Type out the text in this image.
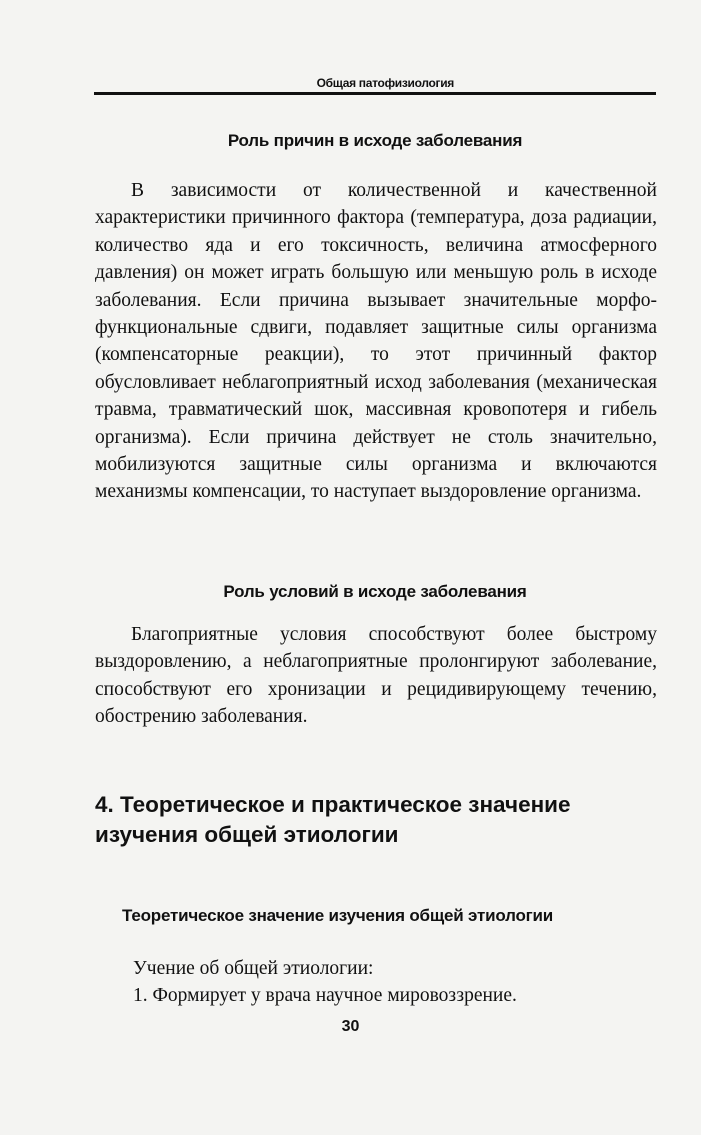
Общая патофизиология
Роль причин в исходе заболевания

В зависимости от количественной и качественной характеристики причинного фактора (температура, доза радиации, количество яда и его токсичность, величина атмосферного давления) он может играть большую или меньшую роль в исходе заболевания. Если причина вызывает значительные морфо-функциональные сдвиги, подавляет защитные силы организма (компенсаторные реакции), то этот причинный фактор обусловливает неблагоприятный исход заболевания (механическая травма, травматический шок, массивная кровопотеря и гибель организма). Если причина действует не столь значительно, мобилизуются защитные силы организма и включаются механизмы компенсации, то наступает выздоровление организма.

Роль условий в исходе заболевания

Благоприятные условия способствуют более быстрому выздоровлению, а неблагоприятные пролонгируют заболевание, способствуют его хронизации и рецидивирующему течению, обострению заболевания.

4. Теоретическое и практическое значение изучения общей этиологии
Теоретическое значение изучения общей этиологии
Учение об общей этиологии:
1. Формирует у врача научное мировоззрение.
30
